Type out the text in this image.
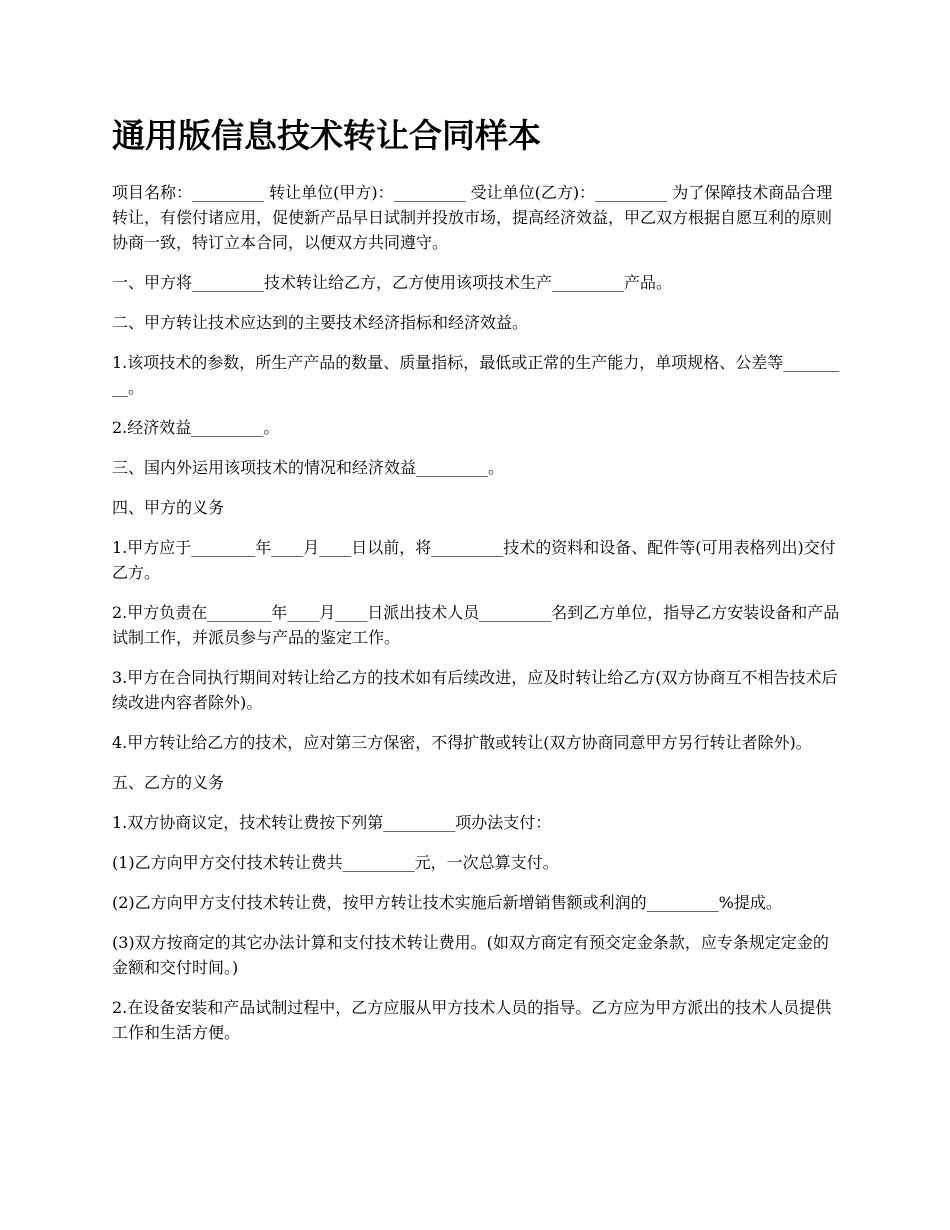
通用版信息技术转让合同样本

项目名称：_________ 转让单位(甲方)：_________ 受让单位(乙方)：_________ 为了保障技术商品合理转让，有偿付诸应用，促使新产品早日试制并投放市场，提高经济效益，甲乙双方根据自愿互利的原则协商一致，特订立本合同，以便双方共同遵守。

一、甲方将_________技术转让给乙方，乙方使用该项技术生产_________产品。

二、甲方转让技术应达到的主要技术经济指标和经济效益。

1.该项技术的参数，所生产产品的数量、质量指标，最低或正常的生产能力，单项规格、公差等_________。

2.经济效益_________。

三、国内外运用该项技术的情况和经济效益_________。

四、甲方的义务

1.甲方应于________年____月____日以前，将_________技术的资料和设备、配件等(可用表格列出)交付乙方。

2.甲方负责在________年____月____日派出技术人员_________名到乙方单位，指导乙方安装设备和产品试制工作，并派员参与产品的鉴定工作。

3.甲方在合同执行期间对转让给乙方的技术如有后续改进，应及时转让给乙方(双方协商互不相告技术后续改进内容者除外)。

4.甲方转让给乙方的技术，应对第三方保密，不得扩散或转让(双方协商同意甲方另行转让者除外)。

五、乙方的义务

1.双方协商议定，技术转让费按下列第_________项办法支付：

(1)乙方向甲方交付技术转让费共_________元，一次总算支付。

(2)乙方向甲方支付技术转让费，按甲方转让技术实施后新增销售额或利润的_________%提成。

(3)双方按商定的其它办法计算和支付技术转让费用。(如双方商定有预交定金条款，应专条规定定金的金额和交付时间。)

2.在设备安装和产品试制过程中，乙方应服从甲方技术人员的指导。乙方应为甲方派出的技术人员提供工作和生活方便。
